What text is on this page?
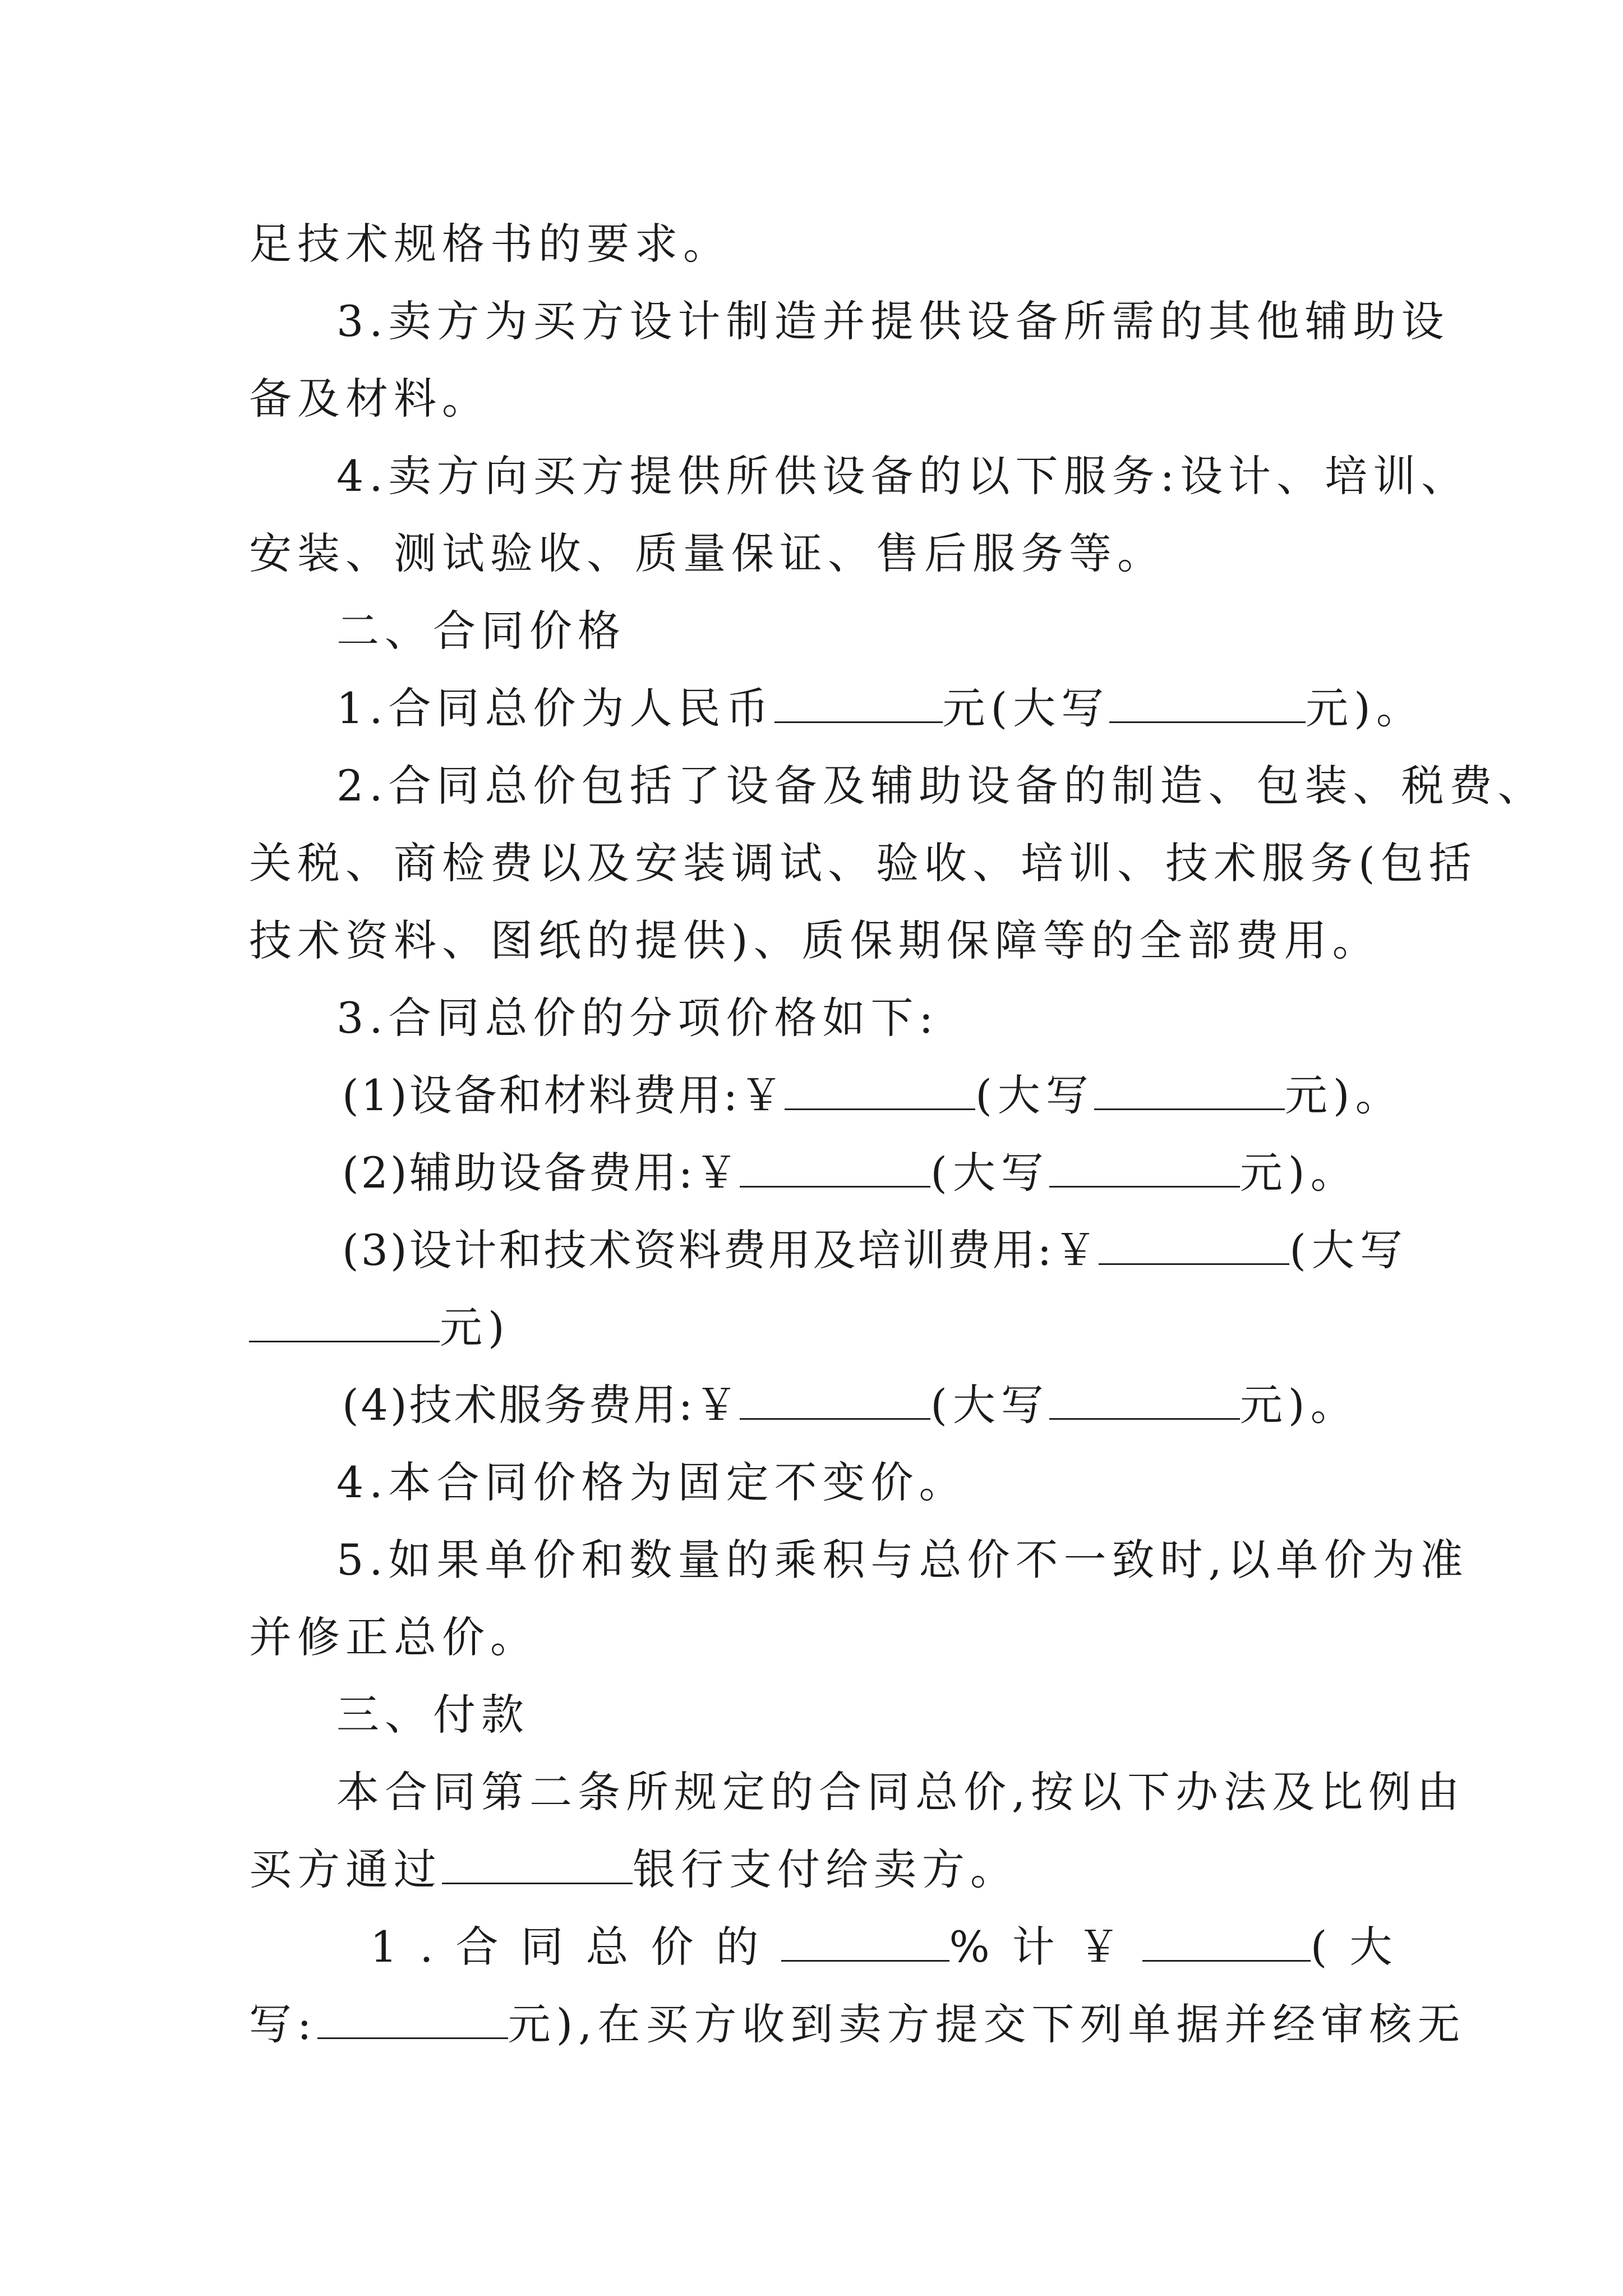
足技术规格书的要求。
3.卖方为买方设计制造并提供设备所需的其他辅助设
备及材料。
4.卖方向买方提供所供设备的以下服务:设计、培训、
安装、测试验收、质量保证、售后服务等。
二、合同价格
1.合同总价为人民币	元(大写	元)。
2.合同总价包括了设备及辅助设备的制造、包装、税费、
关税、商检费以及安装调试、验收、培训、技术服务(包括
技术资料、图纸的提供)、质保期保障等的全部费用。
3.合同总价的分项价格如下:
(1)设备和材料费用:￥	(大写	元)。
(2)辅助设备费用:￥	(大写	元)。
(3)设计和技术资料费用及培训费用:￥	(大写
元)
(4)技术服务费用:￥	(大写	元)。
4.本合同价格为固定不变价。
5.如果单价和数量的乘积与总价不一致时,以单价为准
并修正总价。
三、付款
本合同第二条所规定的合同总价,按以下办法及比例由
买方通过	银行支付给卖方。
1.合同总价的	%计￥	(大
写:	元),在买方收到卖方提交下列单据并经审核无
